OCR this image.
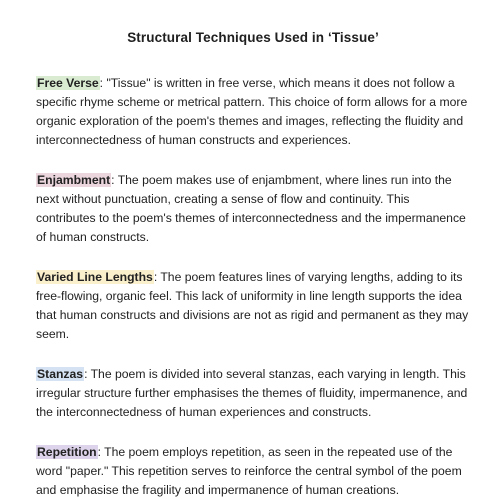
Structural Techniques Used in ‘Tissue’

Free Verse: "Tissue" is written in free verse, which means it does not follow a specific rhyme scheme or metrical pattern. This choice of form allows for a more organic exploration of the poem's themes and images, reflecting the fluidity and interconnectedness of human constructs and experiences.

Enjambment: The poem makes use of enjambment, where lines run into the next without punctuation, creating a sense of flow and continuity. This contributes to the poem's themes of interconnectedness and the impermanence of human constructs.

Varied Line Lengths: The poem features lines of varying lengths, adding to its free-flowing, organic feel. This lack of uniformity in line length supports the idea that human constructs and divisions are not as rigid and permanent as they may seem.

Stanzas: The poem is divided into several stanzas, each varying in length. This irregular structure further emphasises the themes of fluidity, impermanence, and the interconnectedness of human experiences and constructs.

Repetition: The poem employs repetition, as seen in the repeated use of the word "paper." This repetition serves to reinforce the central symbol of the poem and emphasise the fragility and impermanence of human creations.
